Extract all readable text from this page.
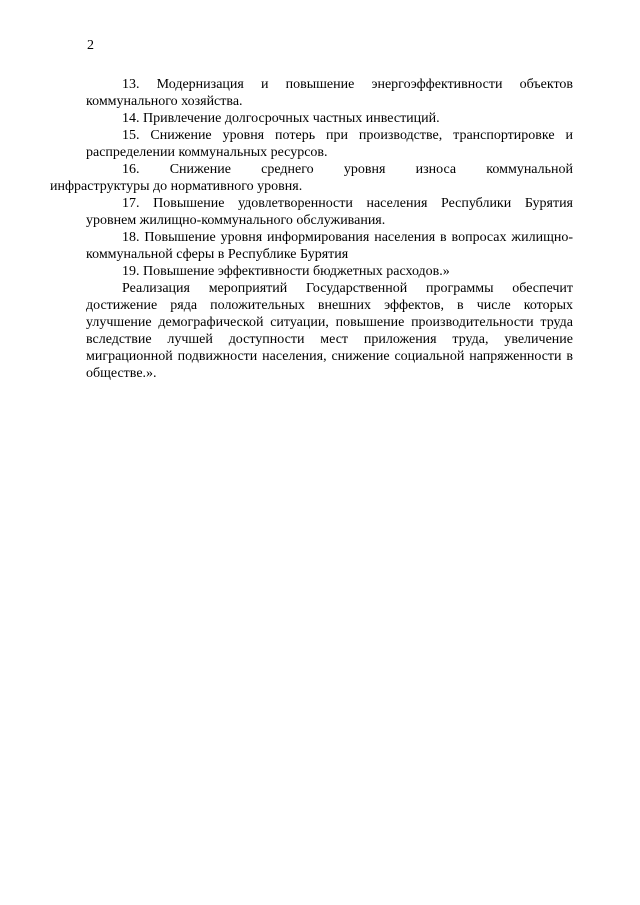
2

13. Модернизация и повышение энергоэффективности объектов коммунального хозяйства.

14. Привлечение долгосрочных частных инвестиций.

15. Снижение уровня потерь при производстве, транспортировке и распределении коммунальных ресурсов.

16. Снижение среднего уровня износа коммунальной
инфраструктуры до нормативного уровня.

17. Повышение удовлетворенности населения Республики Бурятия уровнем жилищно-коммунального обслуживания.

18. Повышение уровня информирования населения в вопросах жилищно-коммунальной сферы в Республике Бурятия

19. Повышение эффективности бюджетных расходов.»

Реализация мероприятий Государственной программы обеспечит достижение ряда положительных внешних эффектов, в числе которых улучшение демографической ситуации, повышение производительности труда вследствие лучшей доступности мест приложения труда, увеличение миграционной подвижности населения, снижение социальной напряженности в обществе.».
